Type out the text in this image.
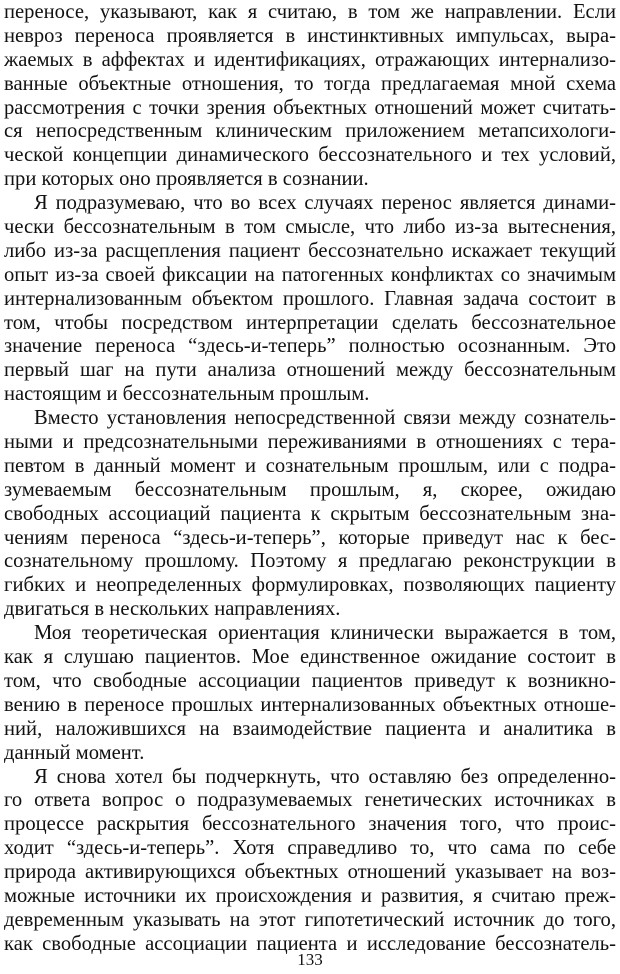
переносе, указывают, как я считаю, в том же направлении. Если
невроз переноса проявляется в инстинктивных импульсах, выра-
жаемых в аффектах и идентификациях, отражающих интернализо-
ванные объектные отношения, то тогда предлагаемая мной схема
рассмотрения с точки зрения объектных отношений может считать-
ся непосредственным клиническим приложением метапсихологи-
ческой концепции динамического бессознательного и тех условий,
при которых оно проявляется в сознании.
Я подразумеваю, что во всех случаях перенос является динами-
чески бессознательным в том смысле, что либо из-за вытеснения,
либо из-за расщепления пациент бессознательно искажает текущий
опыт из-за своей фиксации на патогенных конфликтах со значимым
интернализованным объектом прошлого. Главная задача состоит в
том, чтобы посредством интерпретации сделать бессознательное
значение переноса “здесь-и-теперь” полностью осознанным. Это
первый шаг на пути анализа отношений между бессознательным
настоящим и бессознательным прошлым.
Вместо установления непосредственной связи между сознатель-
ными и предсознательными переживаниями в отношениях с тера-
певтом в данный момент и сознательным прошлым, или с подра-
зумеваемым бессознательным прошлым, я, скорее, ожидаю
свободных ассоциаций пациента к скрытым бессознательным зна-
чениям переноса “здесь-и-теперь”, которые приведут нас к бес-
сознательному прошлому. Поэтому я предлагаю реконструкции в
гибких и неопределенных формулировках, позволяющих пациенту
двигаться в нескольких направлениях.
Моя теоретическая ориентация клинически выражается в том,
как я слушаю пациентов. Мое единственное ожидание состоит в
том, что свободные ассоциации пациентов приведут к возникно-
вению в переносе прошлых интернализованных объектных отноше-
ний, наложившихся на взаимодействие пациента и аналитика в
данный момент.
Я снова хотел бы подчеркнуть, что оставляю без определенно-
го ответа вопрос о подразумеваемых генетических источниках в
процессе раскрытия бессознательного значения того, что проис-
ходит “здесь-и-теперь”. Хотя справедливо то, что сама по себе
природа активирующихся объектных отношений указывает на воз-
можные источники их происхождения и развития, я считаю преж-
девременным указывать на этот гипотетический источник до того,
как свободные ассоциации пациента и исследование бессознатель-
133
